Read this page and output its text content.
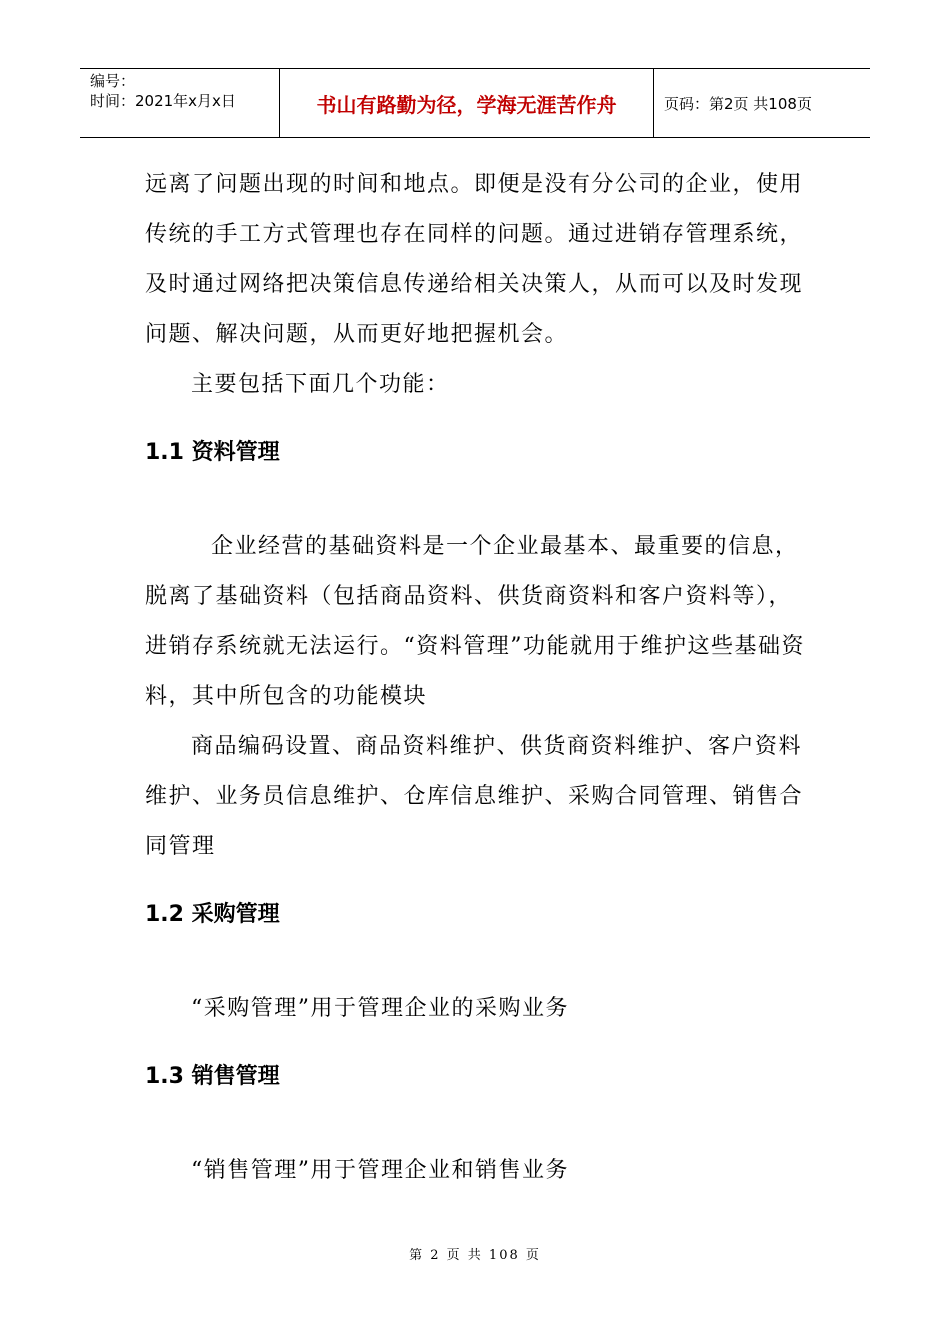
编号：
时间：2021年x月x日	书山有路勤为径，学海无涯苦作舟	页码：第2页 共108页

远离了问题出现的时间和地点。即便是没有分公司的企业，使用传统的手工方式管理也存在同样的问题。通过进销存管理系统，及时通过网络把决策信息传递给相关决策人，从而可以及时发现问题、解决问题，从而更好地把握机会。

主要包括下面几个功能：

1.1 资料管理

企业经营的基础资料是一个企业最基本、最重要的信息，脱离了基础资料（包括商品资料、供货商资料和客户资料等），进销存系统就无法运行。“资料管理”功能就用于维护这些基础资料，其中所包含的功能模块

商品编码设置、商品资料维护、供货商资料维护、客户资料维护、业务员信息维护、仓库信息维护、采购合同管理、销售合同管理

1.2 采购管理

“采购管理”用于管理企业的采购业务

1.3 销售管理

“销售管理”用于管理企业和销售业务

第 2 页 共 108 页
